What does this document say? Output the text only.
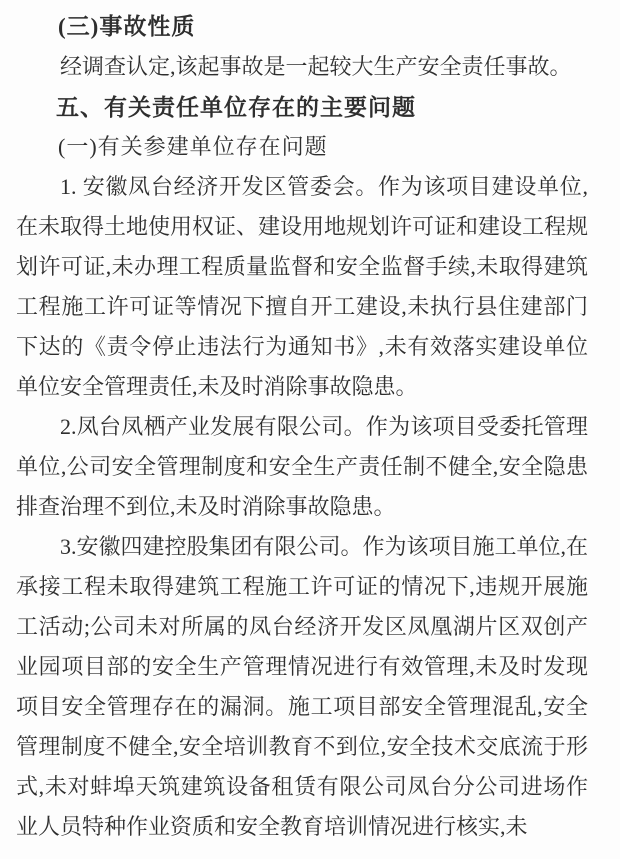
(三)事故性质

经调查认定,该起事故是一起较大生产安全责任事故。

五、有关责任单位存在的主要问题
(一)有关参建单位存在问题

1. 安徽凤台经济开发区管委会。作为该项目建设单位,在未取得土地使用权证、建设用地规划许可证和建设工程规划许可证,未办理工程质量监督和安全监督手续,未取得建筑工程施工许可证等情况下擅自开工建设,未执行县住建部门下达的《责令停止违法行为通知书》,未有效落实建设单位单位安全管理责任,未及时消除事故隐患。

2.凤台凤栖产业发展有限公司。作为该项目受委托管理单位,公司安全管理制度和安全生产责任制不健全,安全隐患排查治理不到位,未及时消除事故隐患。

3.安徽四建控股集团有限公司。作为该项目施工单位,在承接工程未取得建筑工程施工许可证的情况下,违规开展施工活动;公司未对所属的凤台经济开发区凤凰湖片区双创产业园项目部的安全生产管理情况进行有效管理,未及时发现项目安全管理存在的漏洞。施工项目部安全管理混乱,安全管理制度不健全,安全培训教育不到位,安全技术交底流于形式,未对蚌埠天筑建筑设备租赁有限公司凤台分公司进场作业人员特种作业资质和安全教育培训情况进行核实,未
